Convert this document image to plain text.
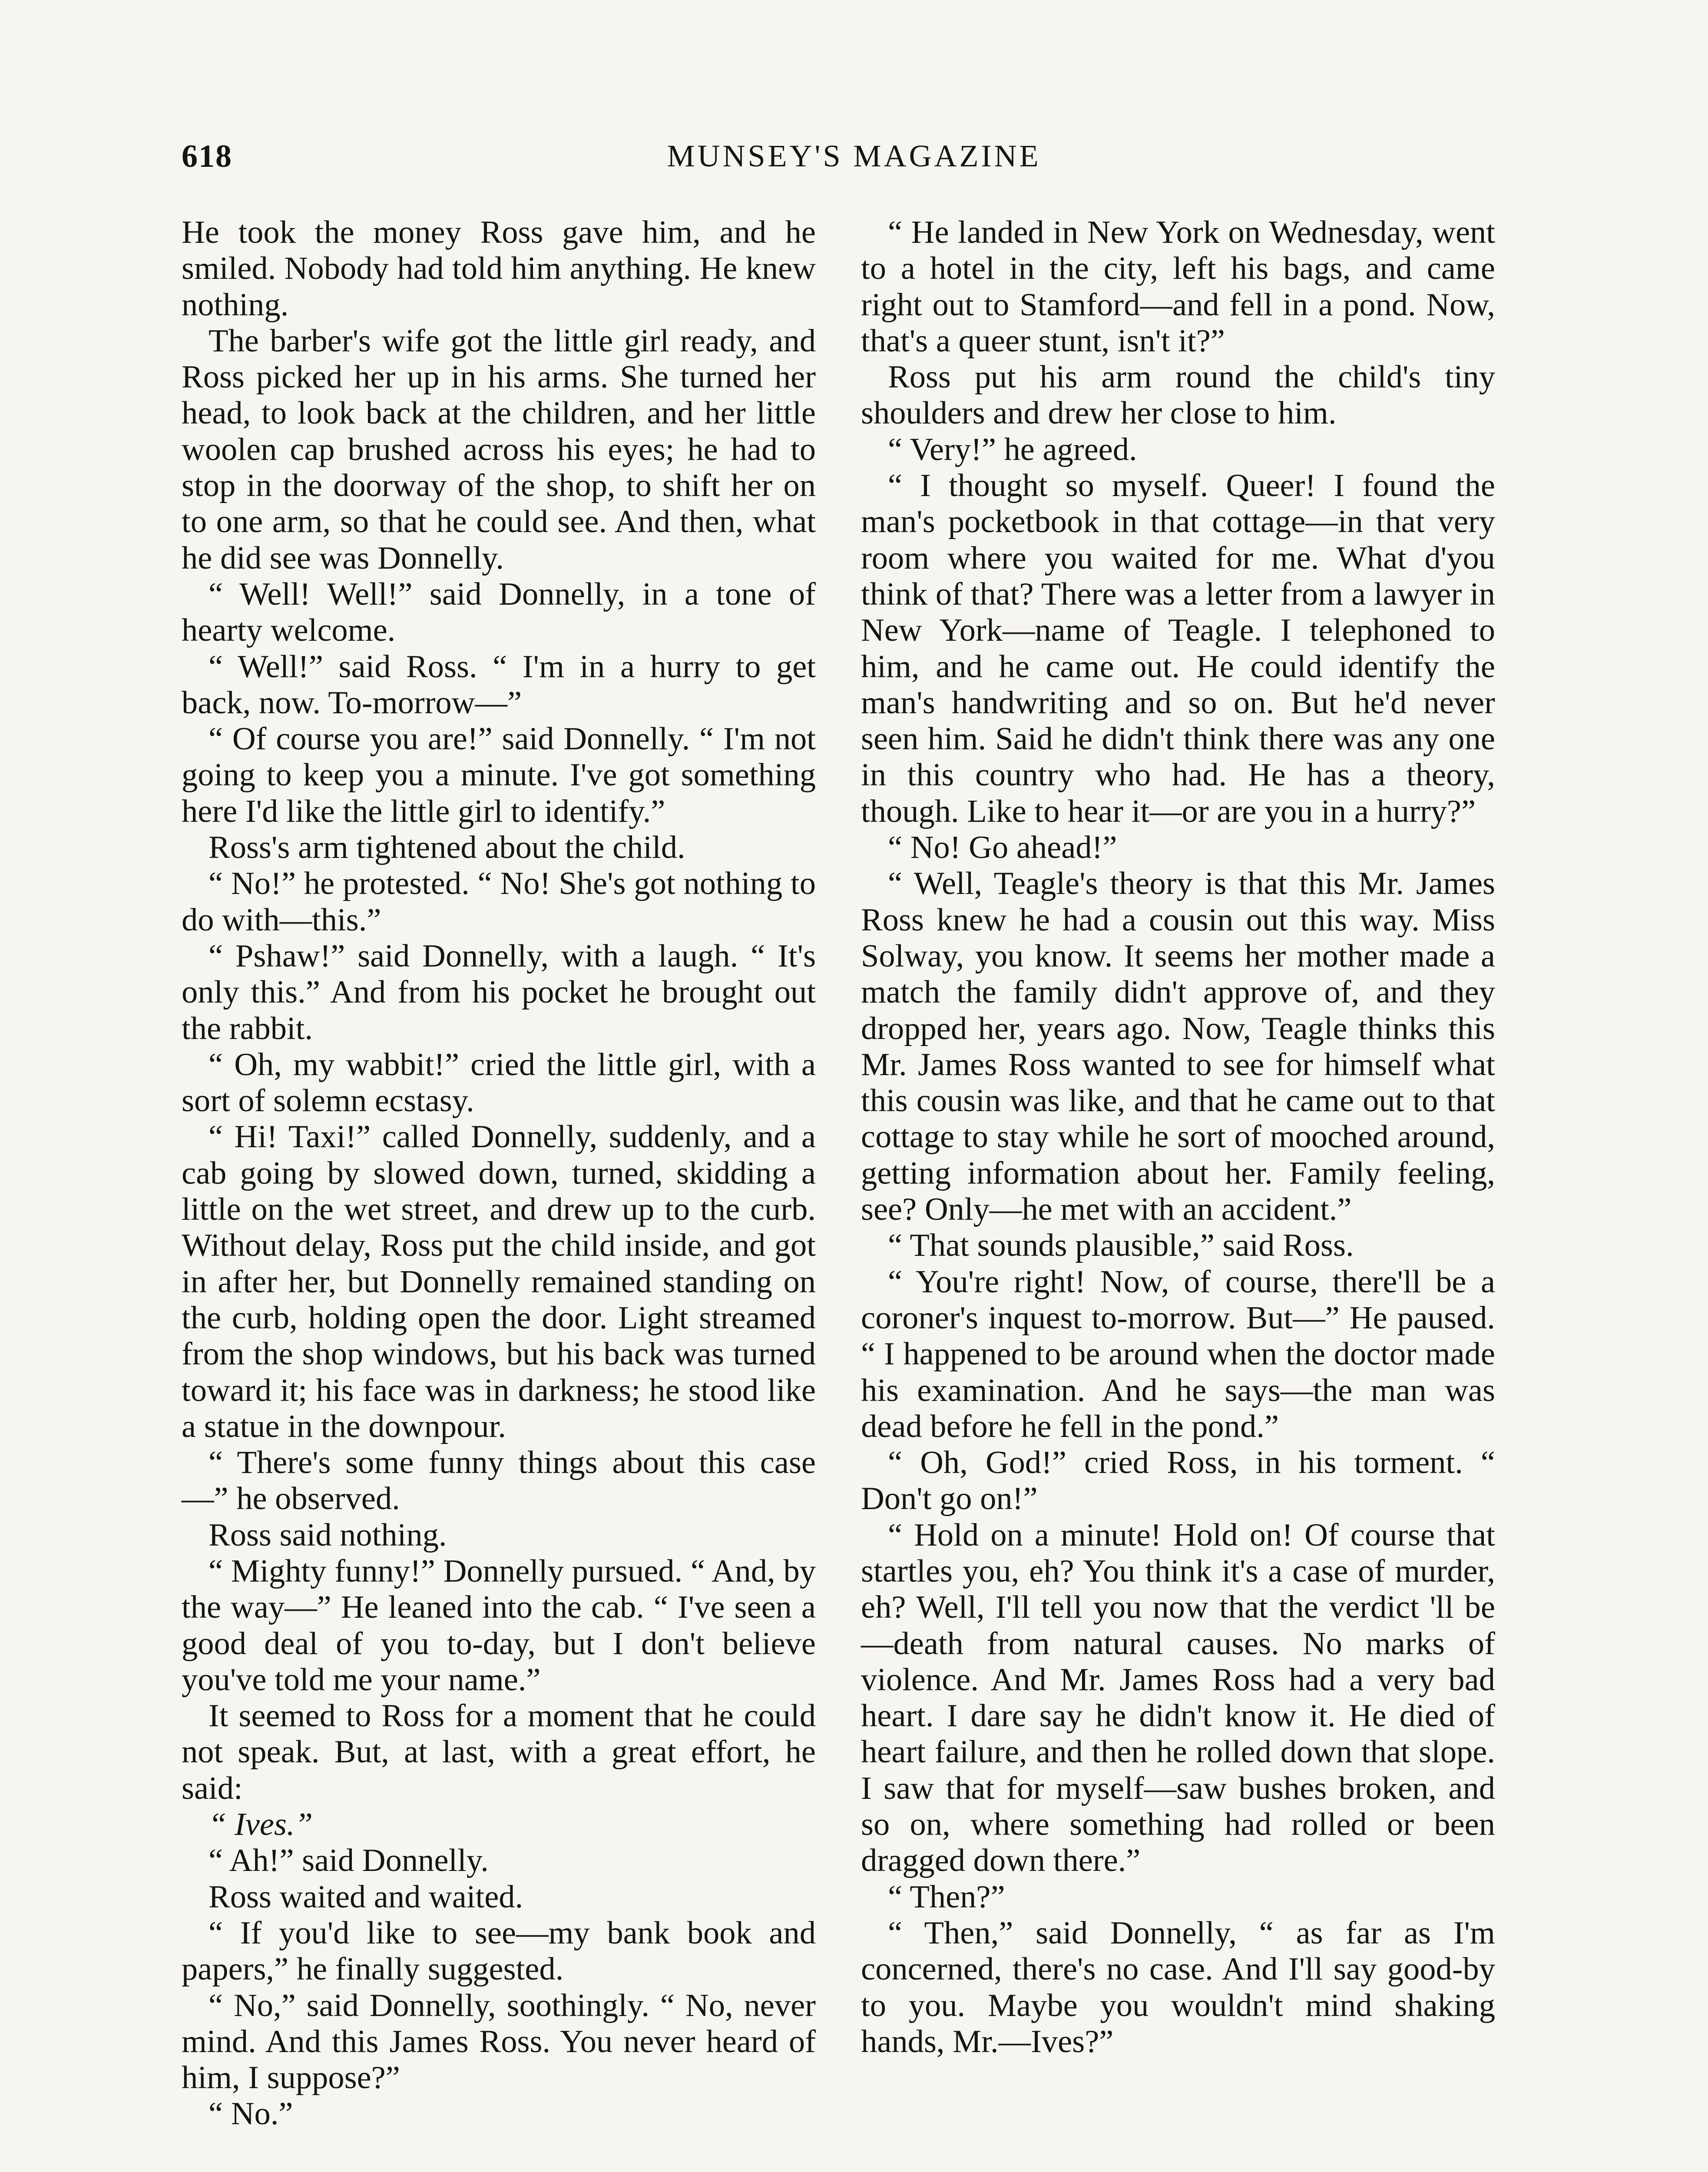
618	MUNSEY'S MAGAZINE

He took the money Ross gave him, and he smiled. Nobody had told him anything. He knew nothing.

The barber's wife got the little girl ready, and Ross picked her up in his arms. She turned her head, to look back at the children, and her little woolen cap brushed across his eyes; he had to stop in the doorway of the shop, to shift her on to one arm, so that he could see. And then, what he did see was Donnelly.

“ Well! Well!” said Donnelly, in a tone of hearty welcome.

“ Well!” said Ross. “ I'm in a hurry to get back, now. To-morrow—”

“ Of course you are!” said Donnelly. “ I'm not going to keep you a minute. I've got something here I'd like the little girl to identify.”

Ross's arm tightened about the child.

“ No!” he protested. “ No! She's got nothing to do with—this.”

“ Pshaw!” said Donnelly, with a laugh. “ It's only this.” And from his pocket he brought out the rabbit.

“ Oh, my wabbit!” cried the little girl, with a sort of solemn ecstasy.

“ Hi! Taxi!” called Donnelly, suddenly, and a cab going by slowed down, turned, skidding a little on the wet street, and drew up to the curb. Without delay, Ross put the child inside, and got in after her, but Donnelly remained standing on the curb, holding open the door. Light streamed from the shop windows, but his back was turned toward it; his face was in darkness; he stood like a statue in the downpour.

“ There's some funny things about this case—” he observed.

Ross said nothing.

“ Mighty funny!” Donnelly pursued. “ And, by the way—” He leaned into the cab. “ I've seen a good deal of you to-day, but I don't believe you've told me your name.”

It seemed to Ross for a moment that he could not speak. But, at last, with a great effort, he said:

“ Ives.”

“ Ah!” said Donnelly.

Ross waited and waited.

“ If you'd like to see—my bank book and papers,” he finally suggested.

“ No,” said Donnelly, soothingly. “ No, never mind. And this James Ross. You never heard of him, I suppose?”

“ No.”

“ He landed in New York on Wednesday, went to a hotel in the city, left his bags, and came right out to Stamford—and fell in a pond. Now, that's a queer stunt, isn't it?”

Ross put his arm round the child's tiny shoulders and drew her close to him.

“ Very!” he agreed.

“ I thought so myself. Queer! I found the man's pocketbook in that cottage—in that very room where you waited for me. What d'you think of that? There was a letter from a lawyer in New York—name of Teagle. I telephoned to him, and he came out. He could identify the man's handwriting and so on. But he'd never seen him. Said he didn't think there was any one in this country who had. He has a theory, though. Like to hear it—or are you in a hurry?”

“ No! Go ahead!”

“ Well, Teagle's theory is that this Mr. James Ross knew he had a cousin out this way. Miss Solway, you know. It seems her mother made a match the family didn't approve of, and they dropped her, years ago. Now, Teagle thinks this Mr. James Ross wanted to see for himself what this cousin was like, and that he came out to that cottage to stay while he sort of mooched around, getting information about her. Family feeling, see? Only—he met with an accident.”

“ That sounds plausible,” said Ross.

“ You're right! Now, of course, there'll be a coroner's inquest to-morrow. But—” He paused. “ I happened to be around when the doctor made his examination. And he says—the man was dead before he fell in the pond.”

“ Oh, God!” cried Ross, in his torment. “ Don't go on!”

“ Hold on a minute! Hold on! Of course that startles you, eh? You think it's a case of murder, eh? Well, I'll tell you now that the verdict 'll be—death from natural causes. No marks of violence. And Mr. James Ross had a very bad heart. I dare say he didn't know it. He died of heart failure, and then he rolled down that slope. I saw that for myself—saw bushes broken, and so on, where something had rolled or been dragged down there.”

“ Then?”

“ Then,” said Donnelly, “ as far as I'm concerned, there's no case. And I'll say good-by to you. Maybe you wouldn't mind shaking hands, Mr.—Ives?”
